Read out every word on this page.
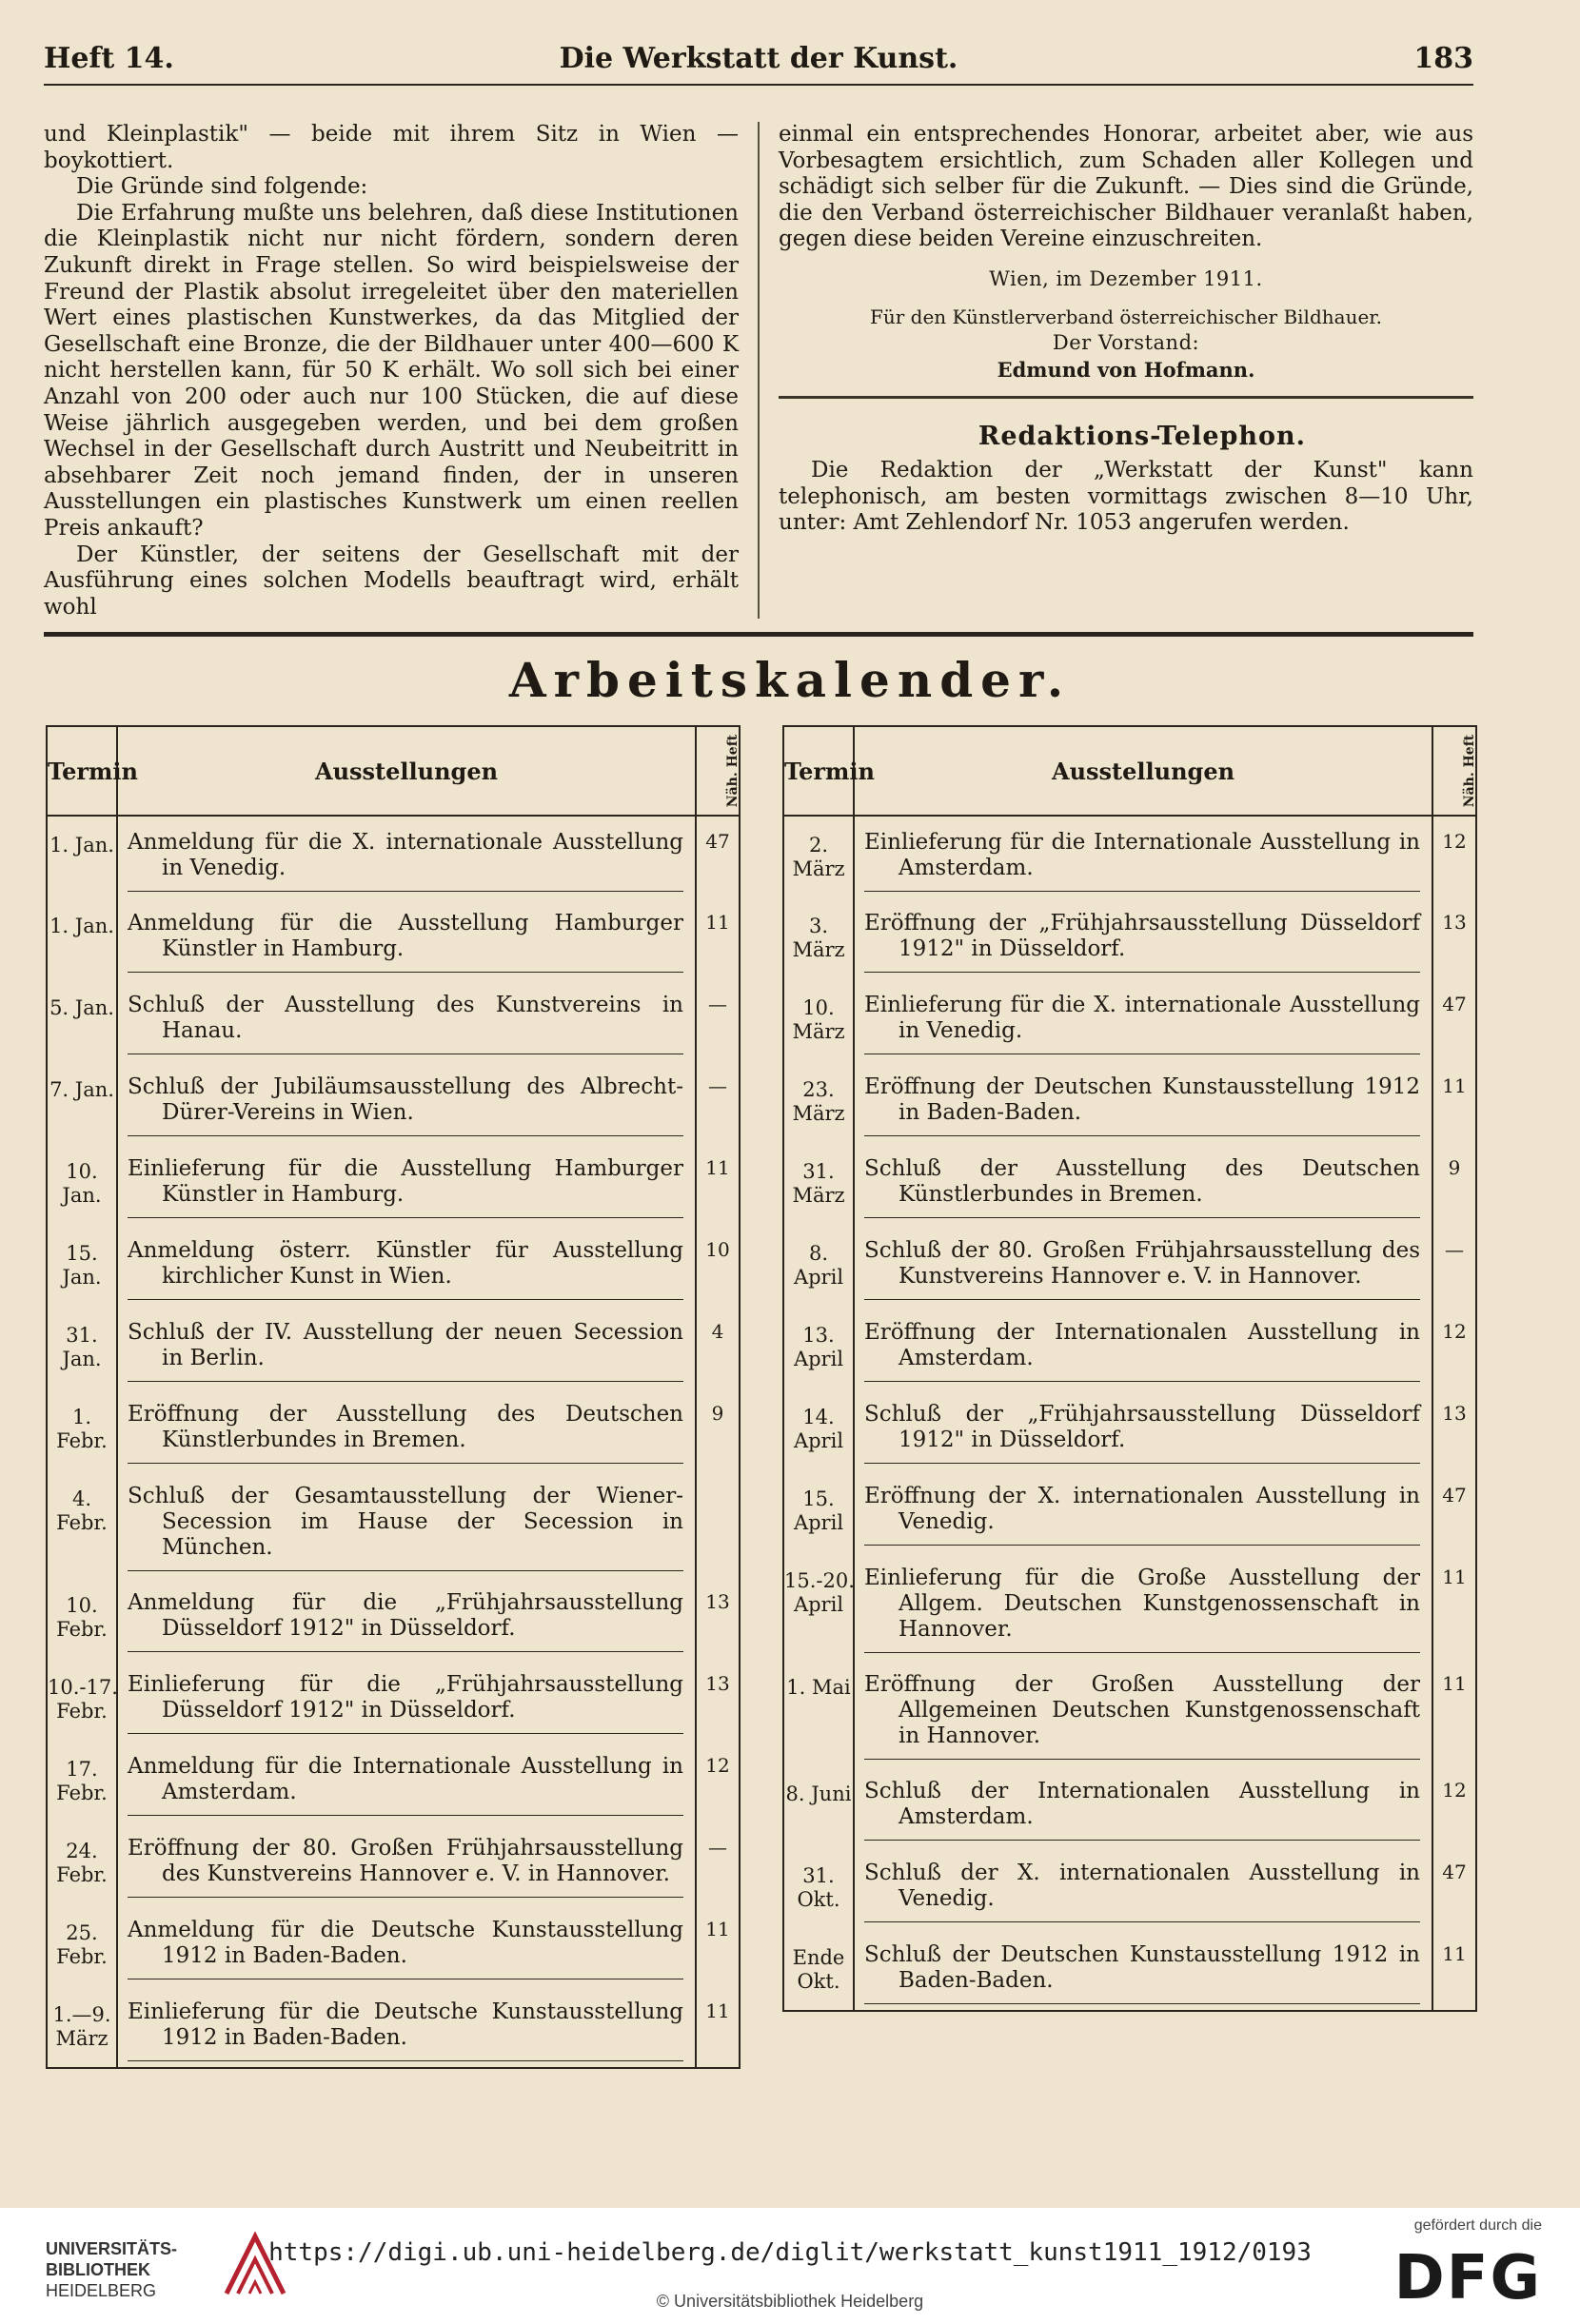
Heft 14.	Die Werkstatt der Kunst.	183

und Kleinplastik" — beide mit ihrem Sitz in Wien — boykottiert.

Die Gründe sind folgende:

Die Erfahrung mußte uns belehren, daß diese Institutionen die Kleinplastik nicht nur nicht fördern, sondern deren Zukunft direkt in Frage stellen. So wird beispielsweise der Freund der Plastik absolut irregeleitet über den materiellen Wert eines plastischen Kunstwerkes, da das Mitglied der Gesellschaft eine Bronze, die der Bildhauer unter 400—600 K nicht herstellen kann, für 50 K erhält. Wo soll sich bei einer Anzahl von 200 oder auch nur 100 Stücken, die auf diese Weise jährlich ausgegeben werden, und bei dem großen Wechsel in der Gesellschaft durch Austritt und Neubeitritt in absehbarer Zeit noch jemand finden, der in unseren Ausstellungen ein plastisches Kunstwerk um einen reellen Preis ankauft?

Der Künstler, der seitens der Gesellschaft mit der Ausführung eines solchen Modells beauftragt wird, erhält wohl

einmal ein entsprechendes Honorar, arbeitet aber, wie aus Vorbesagtem ersichtlich, zum Schaden aller Kollegen und schädigt sich selber für die Zukunft. — Dies sind die Gründe, die den Verband österreichischer Bildhauer veranlaßt haben, gegen diese beiden Vereine einzuschreiten.

Wien, im Dezember 1911.

Für den Künstlerverband österreichischer Bildhauer.

Der Vorstand:

Edmund von Hofmann.

Redaktions-Telephon.

Die Redaktion der „Werkstatt der Kunst" kann telephonisch, am besten vormittags zwischen 8—10 Uhr, unter: Amt Zehlendorf Nr. 1053 angerufen werden.

Arbeitskalender.
Termin	Ausstellungen	Näh. Heft
1. Jan.	Anmeldung für die X. internationale Ausstellung in Venedig.	47
1. Jan.	Anmeldung für die Ausstellung Hamburger Künstler in Hamburg.	11
5. Jan.	Schluß der Ausstellung des Kunstvereins in Hanau.	—
7. Jan.	Schluß der Jubiläumsausstellung des Albrecht-Dürer-Vereins in Wien.	—
10. Jan.	Einlieferung für die Ausstellung Hamburger Künstler in Hamburg.	11
15. Jan.	Anmeldung österr. Künstler für Ausstellung kirchlicher Kunst in Wien.	10
31. Jan.	Schluß der IV. Ausstellung der neuen Secession in Berlin.	4
1. Febr.	Eröffnung der Ausstellung des Deutschen Künstlerbundes in Bremen.	9
4. Febr.	Schluß der Gesamtausstellung der Wiener-Secession im Hause der Secession in München.	

10. Febr.	Anmeldung für die „Frühjahrsausstellung Düsseldorf 1912" in Düsseldorf.	13
10.-17. Febr.	Einlieferung für die „Frühjahrsausstellung Düsseldorf 1912" in Düsseldorf.	13
17. Febr.	Anmeldung für die Internationale Ausstellung in Amsterdam.	12
24. Febr.	Eröffnung der 80. Großen Frühjahrsausstellung des Kunstvereins Hannover e. V. in Hannover.	—
25. Febr.	Anmeldung für die Deutsche Kunstausstellung 1912 in Baden-Baden.	11
1.—9. März	Einlieferung für die Deutsche Kunstausstellung 1912 in Baden-Baden.	11
Termin	Ausstellungen	Näh. Heft
2. März	Einlieferung für die Internationale Ausstellung in Amsterdam.	12
3. März	Eröffnung der „Frühjahrsausstellung Düsseldorf 1912" in Düsseldorf.	13
10. März	Einlieferung für die X. internationale Ausstellung in Venedig.	47
23. März	Eröffnung der Deutschen Kunstausstellung 1912 in Baden-Baden.	11
31. März	Schluß der Ausstellung des Deutschen Künstlerbundes in Bremen.	9
8. April	Schluß der 80. Großen Frühjahrsausstellung des Kunstvereins Hannover e. V. in Hannover.	—
13. April	Eröffnung der Internationalen Ausstellung in Amsterdam.	12
14. April	Schluß der „Frühjahrsausstellung Düsseldorf 1912" in Düsseldorf.	13
15. April	Eröffnung der X. internationalen Ausstellung in Venedig.	47
15.-20. April	Einlieferung für die Große Ausstellung der Allgem. Deutschen Kunstgenossenschaft in Hannover.	11
1. Mai	Eröffnung der Großen Ausstellung der Allgemeinen Deutschen Kunstgenossenschaft in Hannover.	11
8. Juni	Schluß der Internationalen Ausstellung in Amsterdam.	12
31. Okt.	Schluß der X. internationalen Ausstellung in Venedig.	47
Ende Okt.	Schluß der Deutschen Kunstausstellung 1912 in Baden-Baden.	11
UNIVERSITÄTS-
BIBLIOTHEK
HEIDELBERG
https://digi.ub.uni-heidelberg.de/diglit/werkstatt_kunst1911_1912/0193
© Universitätsbibliothek Heidelberg
gefördert durch die
DFG
